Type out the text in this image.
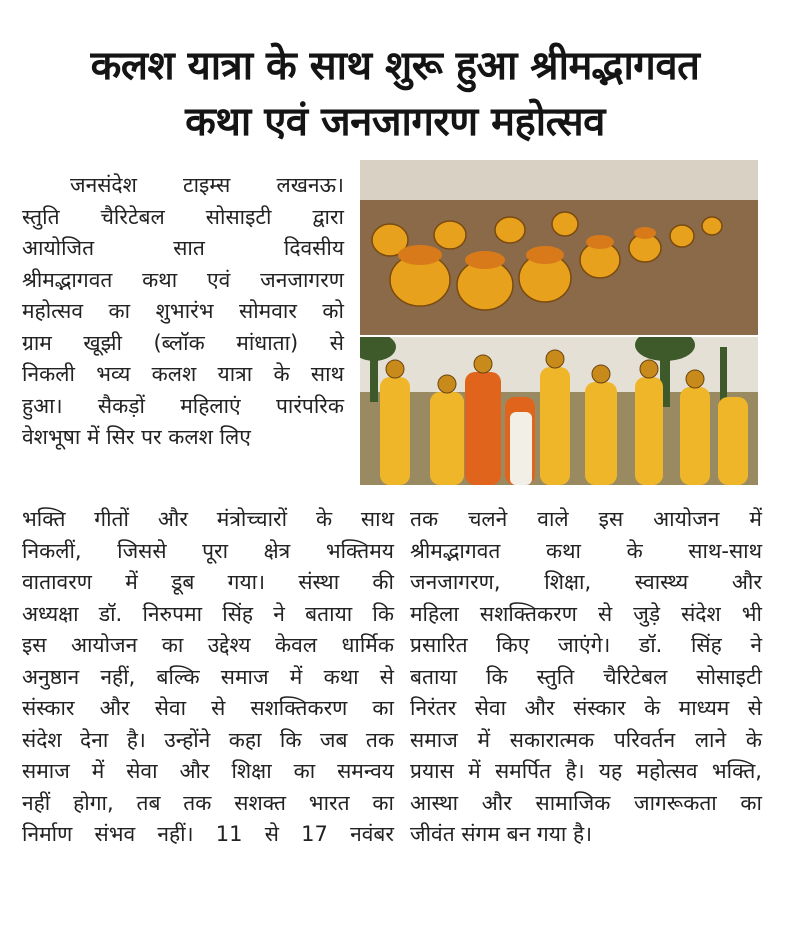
कलश यात्रा के साथ शुरू हुआ श्रीमद्भागवत
कथा एवं जनजागरण महोत्सव
जनसंदेश टाइम्स लखनऊ।
स्तुति चैरिटेबल सोसाइटी द्वारा
आयोजित सात दिवसीय
श्रीमद्भागवत कथा एवं जनजागरण
महोत्सव का शुभारंभ सोमवार को
ग्राम खूझी (ब्लॉक मांधाता) से
निकली भव्य कलश यात्रा के साथ
हुआ। सैकड़ों महिलाएं पारंपरिक
वेशभूषा में सिर पर कलश लिए
भक्ति गीतों और मंत्रोच्चारों के साथ
निकलीं, जिससे पूरा क्षेत्र भक्तिमय
वातावरण में डूब गया। संस्था की
अध्यक्षा डॉ. निरुपमा सिंह ने बताया कि
इस आयोजन का उद्देश्य केवल धार्मिक
अनुष्ठान नहीं, बल्कि समाज में कथा से
संस्कार और सेवा से सशक्तिकरण का
संदेश देना है। उन्होंने कहा कि जब तक
समाज में सेवा और शिक्षा का समन्वय
नहीं होगा, तब तक सशक्त भारत का
निर्माण संभव नहीं। 11 से 17 नवंबर
तक चलने वाले इस आयोजन में
श्रीमद्भागवत कथा के साथ-साथ
जनजागरण, शिक्षा, स्वास्थ्य और
महिला सशक्तिकरण से जुड़े संदेश भी
प्रसारित किए जाएंगे। डॉ. सिंह ने
बताया कि स्तुति चैरिटेबल सोसाइटी
निरंतर सेवा और संस्कार के माध्यम से
समाज में सकारात्मक परिवर्तन लाने के
प्रयास में समर्पित है। यह महोत्सव भक्ति,
आस्था और सामाजिक जागरूकता का
जीवंत संगम बन गया है।
